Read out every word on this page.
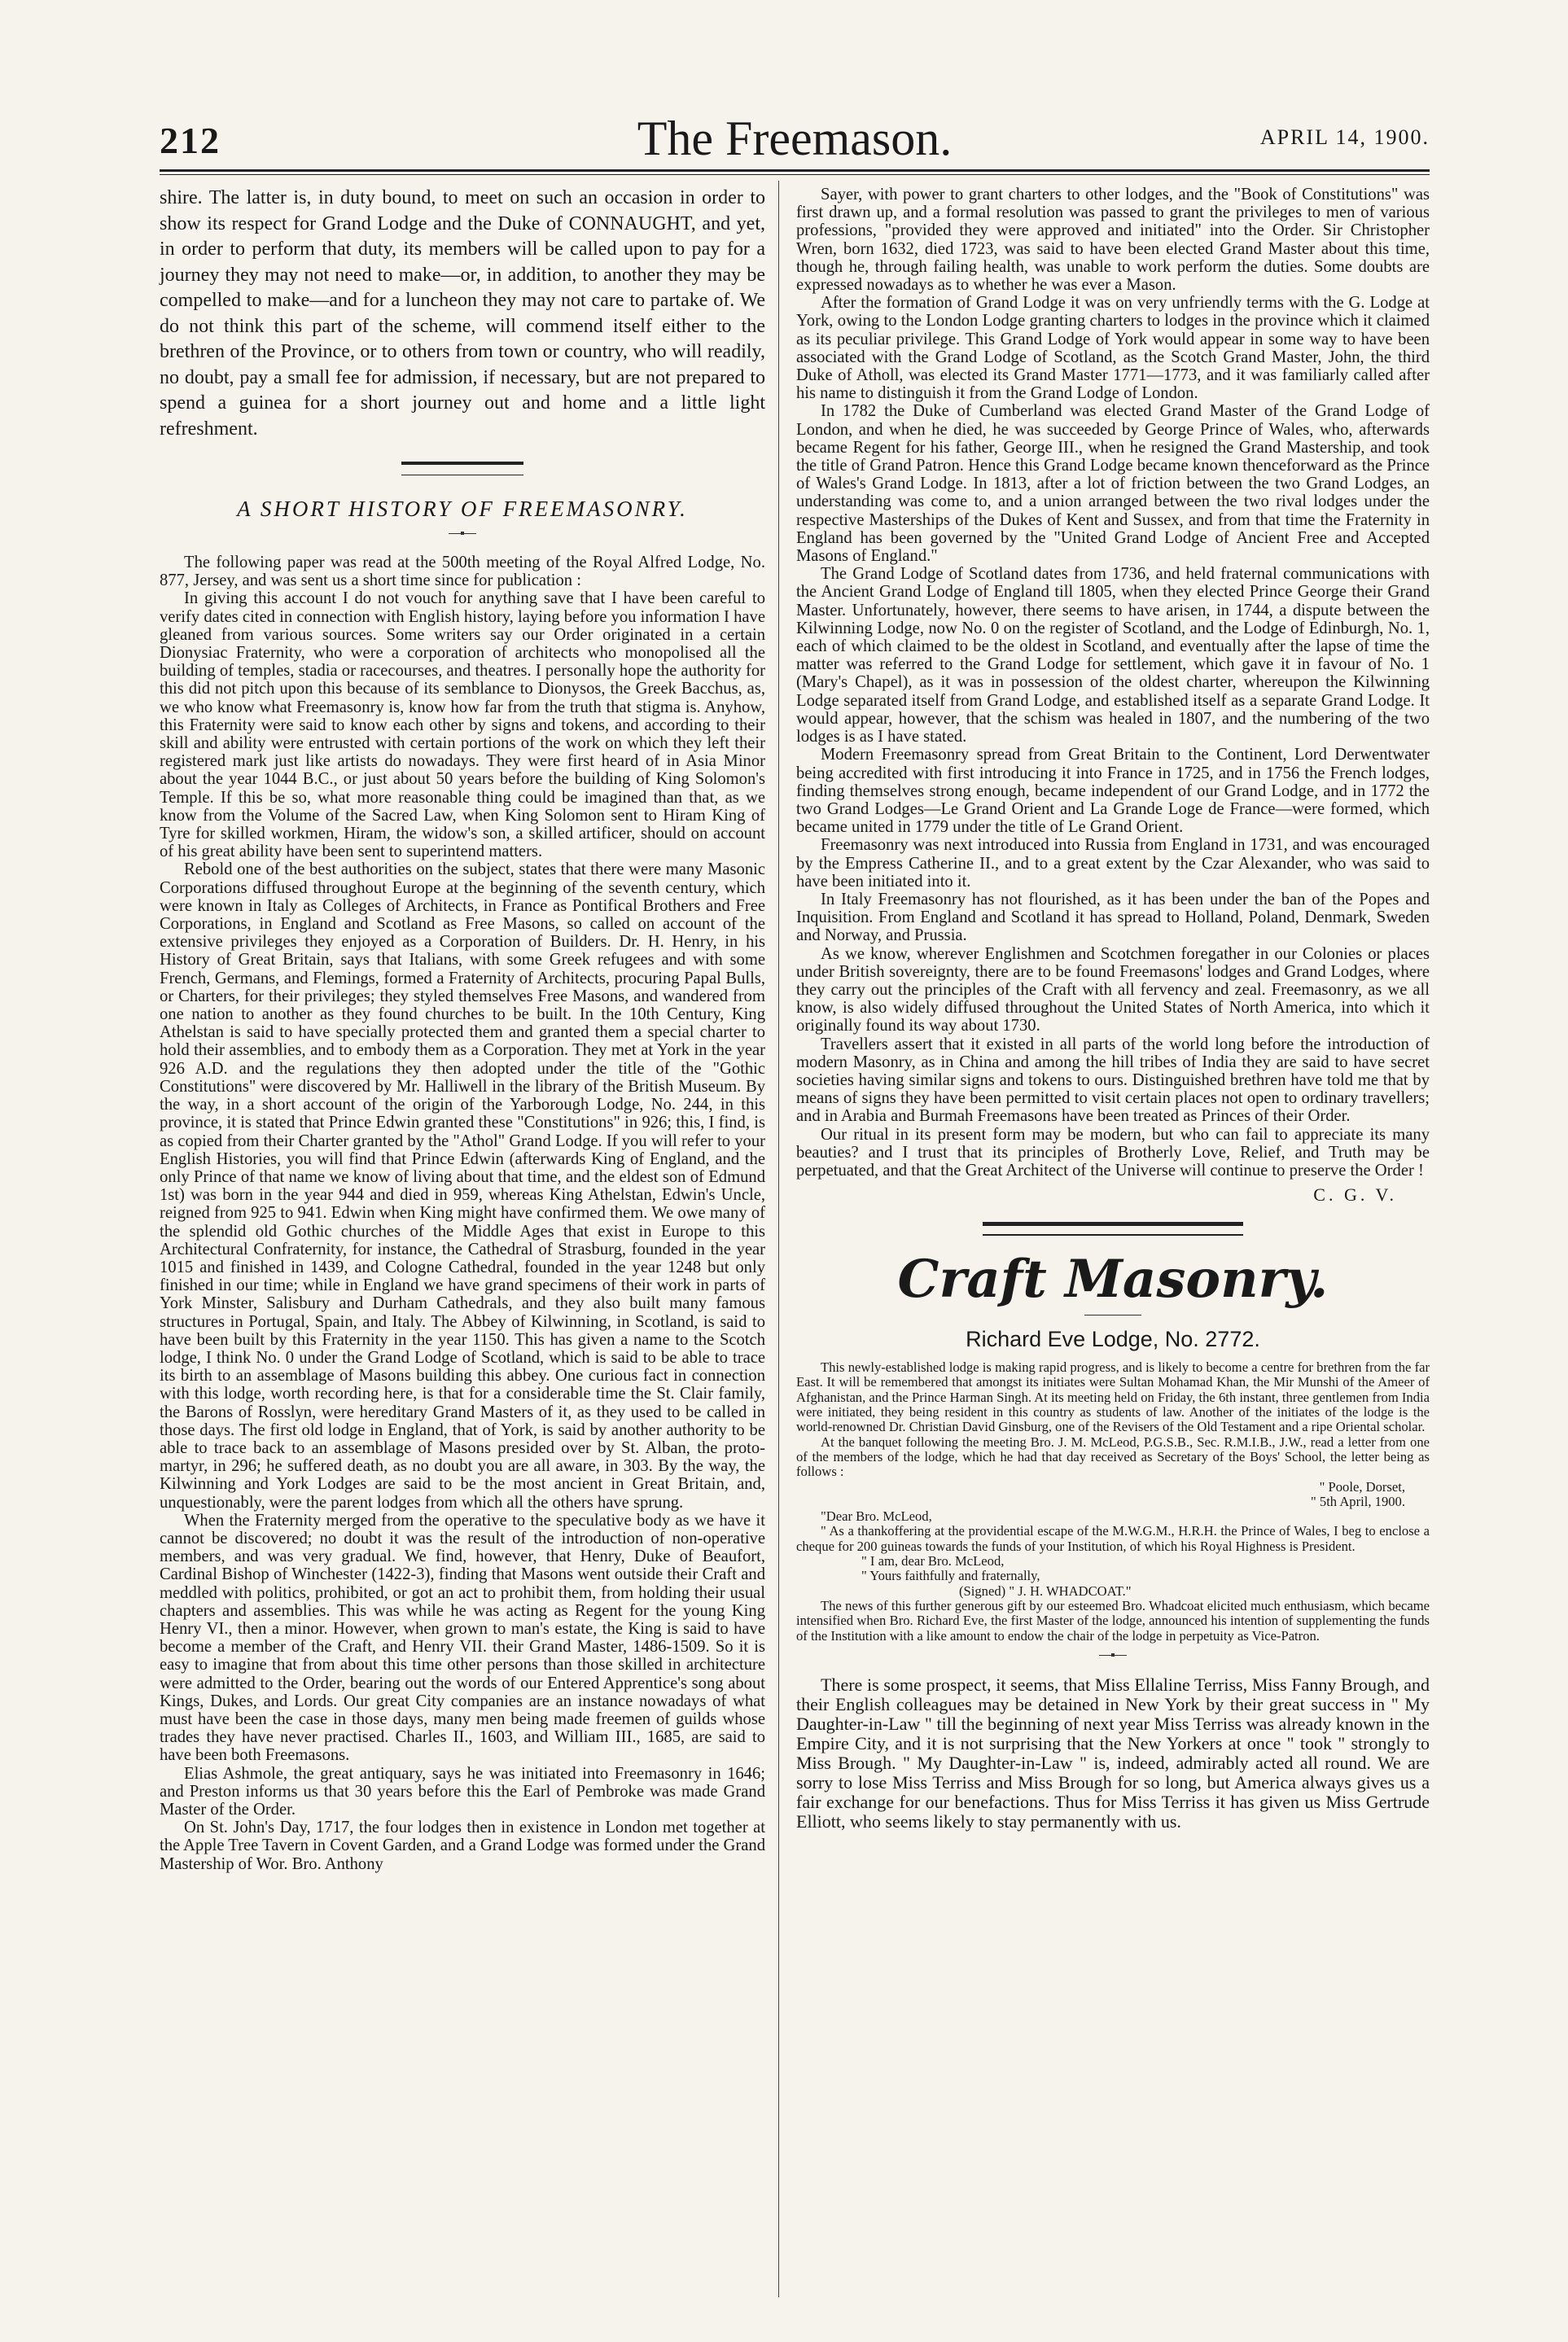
212	The Freemason.	APRIL 14, 1900.

shire. The latter is, in duty bound, to meet on such an occasion in order to show its respect for Grand Lodge and the Duke of CONNAUGHT, and yet, in order to perform that duty, its members will be called upon to pay for a journey they may not need to make—or, in addition, to another they may be compelled to make—and for a luncheon they may not care to partake of. We do not think this part of the scheme, will commend itself either to the brethren of the Province, or to others from town or country, who will readily, no doubt, pay a small fee for admission, if necessary, but are not prepared to spend a guinea for a short journey out and home and a little light refreshment.

A SHORT HISTORY OF FREEMASONRY.

The following paper was read at the 500th meeting of the Royal Alfred Lodge, No. 877, Jersey, and was sent us a short time since for publication :

In giving this account I do not vouch for anything save that I have been careful to verify dates cited in connection with English history, laying before you information I have gleaned from various sources. Some writers say our Order originated in a certain Dionysiac Fraternity, who were a corporation of architects who monopolised all the building of temples, stadia or racecourses, and theatres. I personally hope the authority for this did not pitch upon this because of its semblance to Dionysos, the Greek Bacchus, as, we who know what Freemasonry is, know how far from the truth that stigma is. Anyhow, this Fraternity were said to know each other by signs and tokens, and according to their skill and ability were entrusted with certain portions of the work on which they left their registered mark just like artists do nowadays. They were first heard of in Asia Minor about the year 1044 B.C., or just about 50 years before the building of King Solomon's Temple. If this be so, what more reasonable thing could be imagined than that, as we know from the Volume of the Sacred Law, when King Solomon sent to Hiram King of Tyre for skilled workmen, Hiram, the widow's son, a skilled artificer, should on account of his great ability have been sent to superintend matters.

Rebold one of the best authorities on the subject, states that there were many Masonic Corporations diffused throughout Europe at the beginning of the seventh century, which were known in Italy as Colleges of Architects, in France as Pontifical Brothers and Free Corporations, in England and Scotland as Free Masons, so called on account of the extensive privileges they enjoyed as a Corporation of Builders. Dr. H. Henry, in his History of Great Britain, says that Italians, with some Greek refugees and with some French, Germans, and Flemings, formed a Fraternity of Architects, procuring Papal Bulls, or Charters, for their privileges; they styled themselves Free Masons, and wandered from one nation to another as they found churches to be built. In the 10th Century, King Athelstan is said to have specially protected them and granted them a special charter to hold their assemblies, and to embody them as a Corporation. They met at York in the year 926 A.D. and the regulations they then adopted under the title of the "Gothic Constitutions" were discovered by Mr. Halliwell in the library of the British Museum. By the way, in a short account of the origin of the Yarborough Lodge, No. 244, in this province, it is stated that Prince Edwin granted these "Constitutions" in 926; this, I find, is as copied from their Charter granted by the "Athol" Grand Lodge. If you will refer to your English Histories, you will find that Prince Edwin (afterwards King of England, and the only Prince of that name we know of living about that time, and the eldest son of Edmund 1st) was born in the year 944 and died in 959, whereas King Athelstan, Edwin's Uncle, reigned from 925 to 941. Edwin when King might have confirmed them. We owe many of the splendid old Gothic churches of the Middle Ages that exist in Europe to this Architectural Confraternity, for instance, the Cathedral of Strasburg, founded in the year 1015 and finished in 1439, and Cologne Cathedral, founded in the year 1248 but only finished in our time; while in England we have grand specimens of their work in parts of York Minster, Salisbury and Durham Cathedrals, and they also built many famous structures in Portugal, Spain, and Italy. The Abbey of Kilwinning, in Scotland, is said to have been built by this Fraternity in the year 1150. This has given a name to the Scotch lodge, I think No. 0 under the Grand Lodge of Scotland, which is said to be able to trace its birth to an assemblage of Masons building this abbey. One curious fact in connection with this lodge, worth recording here, is that for a considerable time the St. Clair family, the Barons of Rosslyn, were hereditary Grand Masters of it, as they used to be called in those days. The first old lodge in England, that of York, is said by another authority to be able to trace back to an assemblage of Masons presided over by St. Alban, the proto-martyr, in 296; he suffered death, as no doubt you are all aware, in 303. By the way, the Kilwinning and York Lodges are said to be the most ancient in Great Britain, and, unquestionably, were the parent lodges from which all the others have sprung.

When the Fraternity merged from the operative to the speculative body as we have it cannot be discovered; no doubt it was the result of the introduction of non-operative members, and was very gradual. We find, however, that Henry, Duke of Beaufort, Cardinal Bishop of Winchester (1422-3), finding that Masons went outside their Craft and meddled with politics, prohibited, or got an act to prohibit them, from holding their usual chapters and assemblies. This was while he was acting as Regent for the young King Henry VI., then a minor. However, when grown to man's estate, the King is said to have become a member of the Craft, and Henry VII. their Grand Master, 1486-1509. So it is easy to imagine that from about this time other persons than those skilled in architecture were admitted to the Order, bearing out the words of our Entered Apprentice's song about Kings, Dukes, and Lords. Our great City companies are an instance nowadays of what must have been the case in those days, many men being made freemen of guilds whose trades they have never practised. Charles II., 1603, and William III., 1685, are said to have been both Freemasons.

Elias Ashmole, the great antiquary, says he was initiated into Freemasonry in 1646; and Preston informs us that 30 years before this the Earl of Pembroke was made Grand Master of the Order.

On St. John's Day, 1717, the four lodges then in existence in London met together at the Apple Tree Tavern in Covent Garden, and a Grand Lodge was formed under the Grand Mastership of Wor. Bro. Anthony

Sayer, with power to grant charters to other lodges, and the "Book of Constitutions" was first drawn up, and a formal resolution was passed to grant the privileges to men of various professions, "provided they were approved and initiated" into the Order. Sir Christopher Wren, born 1632, died 1723, was said to have been elected Grand Master about this time, though he, through failing health, was unable to work perform the duties. Some doubts are expressed nowadays as to whether he was ever a Mason.

After the formation of Grand Lodge it was on very unfriendly terms with the G. Lodge at York, owing to the London Lodge granting charters to lodges in the province which it claimed as its peculiar privilege. This Grand Lodge of York would appear in some way to have been associated with the Grand Lodge of Scotland, as the Scotch Grand Master, John, the third Duke of Atholl, was elected its Grand Master 1771—1773, and it was familiarly called after his name to distinguish it from the Grand Lodge of London.

In 1782 the Duke of Cumberland was elected Grand Master of the Grand Lodge of London, and when he died, he was succeeded by George Prince of Wales, who, afterwards became Regent for his father, George III., when he resigned the Grand Mastership, and took the title of Grand Patron. Hence this Grand Lodge became known thenceforward as the Prince of Wales's Grand Lodge. In 1813, after a lot of friction between the two Grand Lodges, an understanding was come to, and a union arranged between the two rival lodges under the respective Masterships of the Dukes of Kent and Sussex, and from that time the Fraternity in England has been governed by the "United Grand Lodge of Ancient Free and Accepted Masons of England."

The Grand Lodge of Scotland dates from 1736, and held fraternal communications with the Ancient Grand Lodge of England till 1805, when they elected Prince George their Grand Master. Unfortunately, however, there seems to have arisen, in 1744, a dispute between the Kilwinning Lodge, now No. 0 on the register of Scotland, and the Lodge of Edinburgh, No. 1, each of which claimed to be the oldest in Scotland, and eventually after the lapse of time the matter was referred to the Grand Lodge for settlement, which gave it in favour of No. 1 (Mary's Chapel), as it was in possession of the oldest charter, whereupon the Kilwinning Lodge separated itself from Grand Lodge, and established itself as a separate Grand Lodge. It would appear, however, that the schism was healed in 1807, and the numbering of the two lodges is as I have stated.

Modern Freemasonry spread from Great Britain to the Continent, Lord Derwentwater being accredited with first introducing it into France in 1725, and in 1756 the French lodges, finding themselves strong enough, became independent of our Grand Lodge, and in 1772 the two Grand Lodges—Le Grand Orient and La Grande Loge de France—were formed, which became united in 1779 under the title of Le Grand Orient.

Freemasonry was next introduced into Russia from England in 1731, and was encouraged by the Empress Catherine II., and to a great extent by the Czar Alexander, who was said to have been initiated into it.

In Italy Freemasonry has not flourished, as it has been under the ban of the Popes and Inquisition. From England and Scotland it has spread to Holland, Poland, Denmark, Sweden and Norway, and Prussia.

As we know, wherever Englishmen and Scotchmen foregather in our Colonies or places under British sovereignty, there are to be found Freemasons' lodges and Grand Lodges, where they carry out the principles of the Craft with all fervency and zeal. Freemasonry, as we all know, is also widely diffused throughout the United States of North America, into which it originally found its way about 1730.

Travellers assert that it existed in all parts of the world long before the introduction of modern Masonry, as in China and among the hill tribes of India they are said to have secret societies having similar signs and tokens to ours. Distinguished brethren have told me that by means of signs they have been permitted to visit certain places not open to ordinary travellers; and in Arabia and Burmah Freemasons have been treated as Princes of their Order.

Our ritual in its present form may be modern, but who can fail to appreciate its many beauties? and I trust that its principles of Brotherly Love, Relief, and Truth may be perpetuated, and that the Great Architect of the Universe will continue to preserve the Order !

C. G. V.
Craft Masonry.
Richard Eve Lodge, No. 2772.

This newly-established lodge is making rapid progress, and is likely to become a centre for brethren from the far East. It will be remembered that amongst its initiates were Sultan Mohamad Khan, the Mir Munshi of the Ameer of Afghanistan, and the Prince Harman Singh. At its meeting held on Friday, the 6th instant, three gentlemen from India were initiated, they being resident in this country as students of law. Another of the initiates of the lodge is the world-renowned Dr. Christian David Ginsburg, one of the Revisers of the Old Testament and a ripe Oriental scholar.

At the banquet following the meeting Bro. J. M. McLeod, P.G.S.B., Sec. R.M.I.B., J.W., read a letter from one of the members of the lodge, which he had that day received as Secretary of the Boys' School, the letter being as follows :

" Poole, Dorset,

" 5th April, 1900.

"Dear Bro. McLeod,

" As a thankoffering at the providential escape of the M.W.G.M., H.R.H. the Prince of Wales, I beg to enclose a cheque for 200 guineas towards the funds of your Institution, of which his Royal Highness is President.

" I am, dear Bro. McLeod,

" Yours faithfully and fraternally,

(Signed) " J. H. WHADCOAT."

The news of this further generous gift by our esteemed Bro. Whadcoat elicited much enthusiasm, which became intensified when Bro. Richard Eve, the first Master of the lodge, announced his intention of supplementing the funds of the Institution with a like amount to endow the chair of the lodge in perpetuity as Vice-Patron.

There is some prospect, it seems, that Miss Ellaline Terriss, Miss Fanny Brough, and their English colleagues may be detained in New York by their great success in " My Daughter-in-Law " till the beginning of next year Miss Terriss was already known in the Empire City, and it is not surprising that the New Yorkers at once " took " strongly to Miss Brough. " My Daughter-in-Law " is, indeed, admirably acted all round. We are sorry to lose Miss Terriss and Miss Brough for so long, but America always gives us a fair exchange for our benefactions. Thus for Miss Terriss it has given us Miss Gertrude Elliott, who seems likely to stay permanently with us.
